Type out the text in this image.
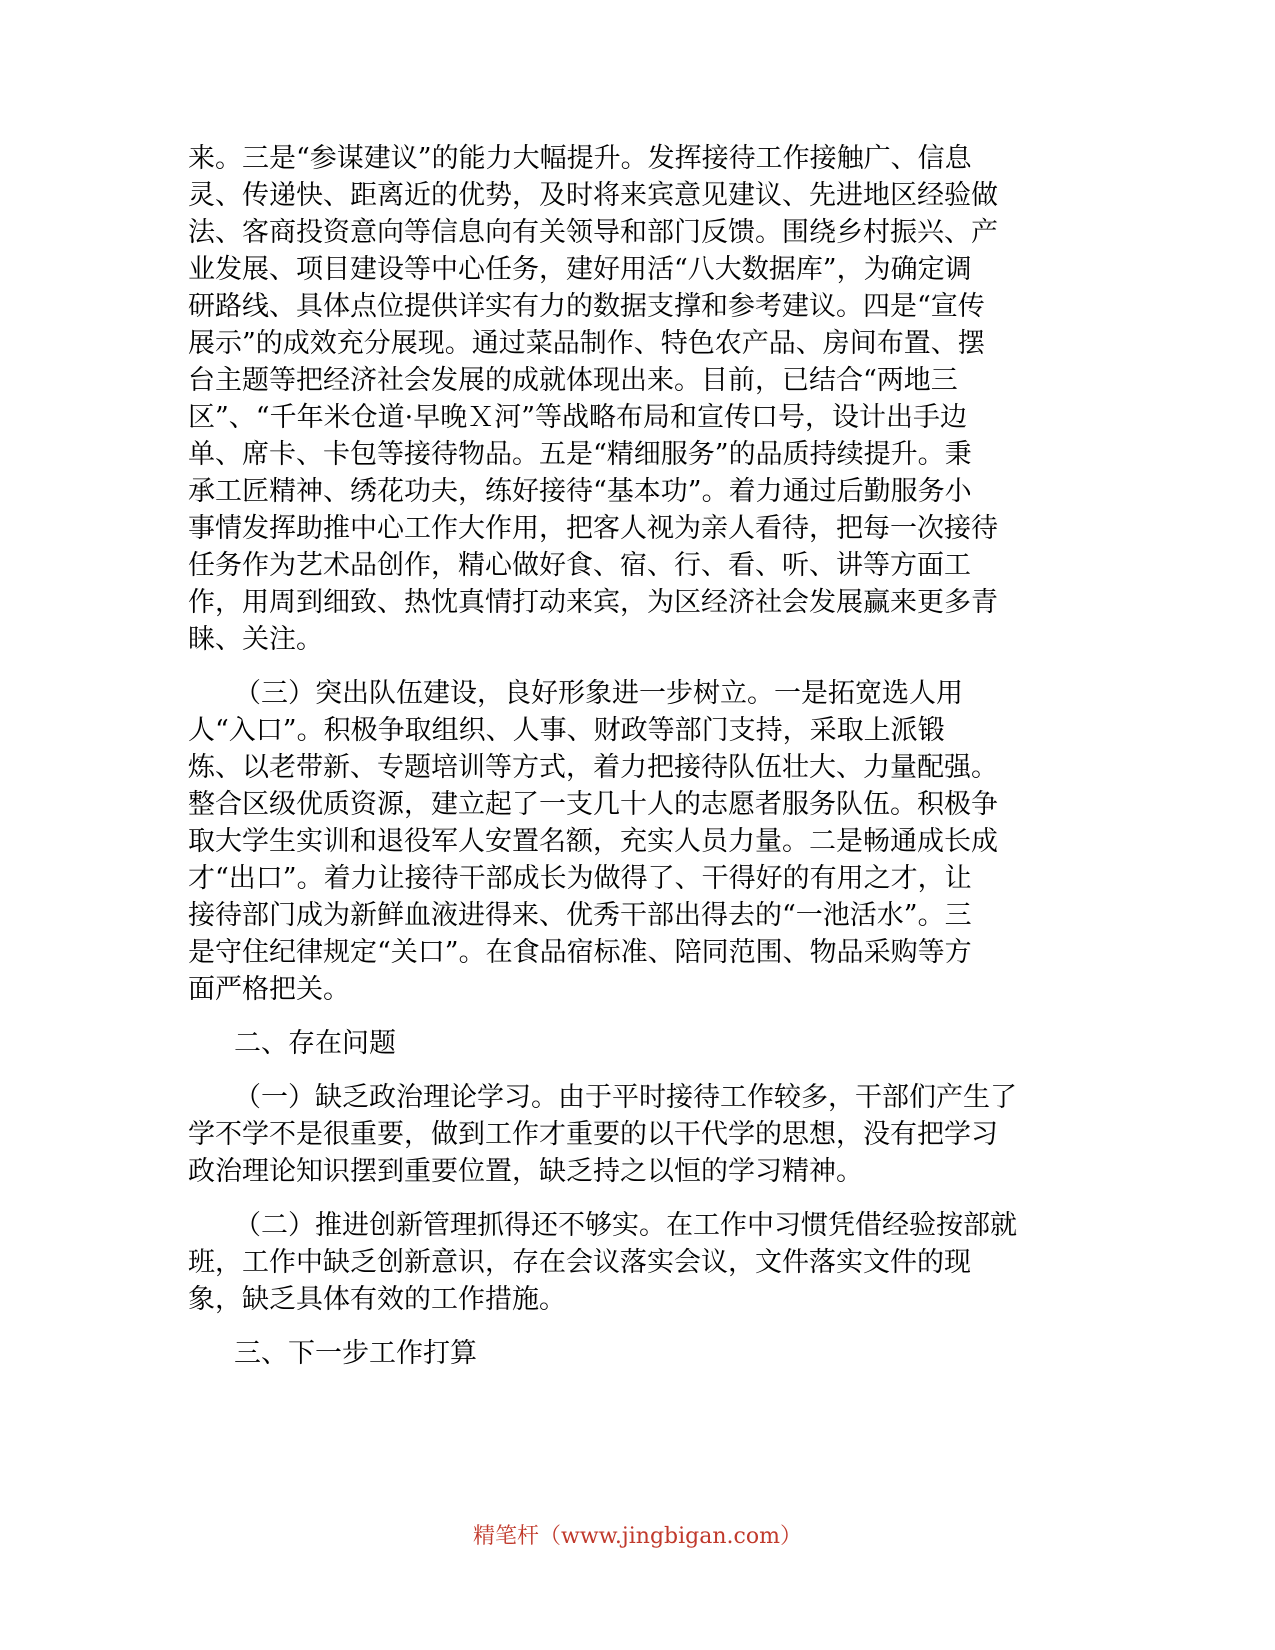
来。三是“参谋建议”的能力大幅提升。发挥接待工作接触广、信息
灵、传递快、距离近的优势，及时将来宾意见建议、先进地区经验做
法、客商投资意向等信息向有关领导和部门反馈。围绕乡村振兴、产
业发展、项目建设等中心任务，建好用活“八大数据库”，为确定调
研路线、具体点位提供详实有力的数据支撑和参考建议。四是“宣传
展示”的成效充分展现。通过菜品制作、特色农产品、房间布置、摆
台主题等把经济社会发展的成就体现出来。目前，已结合“两地三
区”、“千年米仓道·早晚Ｘ河”等战略布局和宣传口号，设计出手边
单、席卡、卡包等接待物品。五是“精细服务”的品质持续提升。秉
承工匠精神、绣花功夫，练好接待“基本功”。着力通过后勤服务小
事情发挥助推中心工作大作用，把客人视为亲人看待，把每一次接待
任务作为艺术品创作，精心做好食、宿、行、看、听、讲等方面工
作，用周到细致、热忱真情打动来宾，为区经济社会发展赢来更多青
睐、关注。
（三）突出队伍建设，良好形象进一步树立。一是拓宽选人用
人“入口”。积极争取组织、人事、财政等部门支持，采取上派锻
炼、以老带新、专题培训等方式，着力把接待队伍壮大、力量配强。
整合区级优质资源，建立起了一支几十人的志愿者服务队伍。积极争
取大学生实训和退役军人安置名额，充实人员力量。二是畅通成长成
才“出口”。着力让接待干部成长为做得了、干得好的有用之才，让
接待部门成为新鲜血液进得来、优秀干部出得去的“一池活水”。三
是守住纪律规定“关口”。在食品宿标准、陪同范围、物品采购等方
面严格把关。
二、存在问题
（一）缺乏政治理论学习。由于平时接待工作较多，干部们产生了
学不学不是很重要，做到工作才重要的以干代学的思想，没有把学习
政治理论知识摆到重要位置，缺乏持之以恒的学习精神。
（二）推进创新管理抓得还不够实。在工作中习惯凭借经验按部就
班，工作中缺乏创新意识，存在会议落实会议，文件落实文件的现
象，缺乏具体有效的工作措施。
三、下一步工作打算
精笔杆（www.jingbigan.com）
